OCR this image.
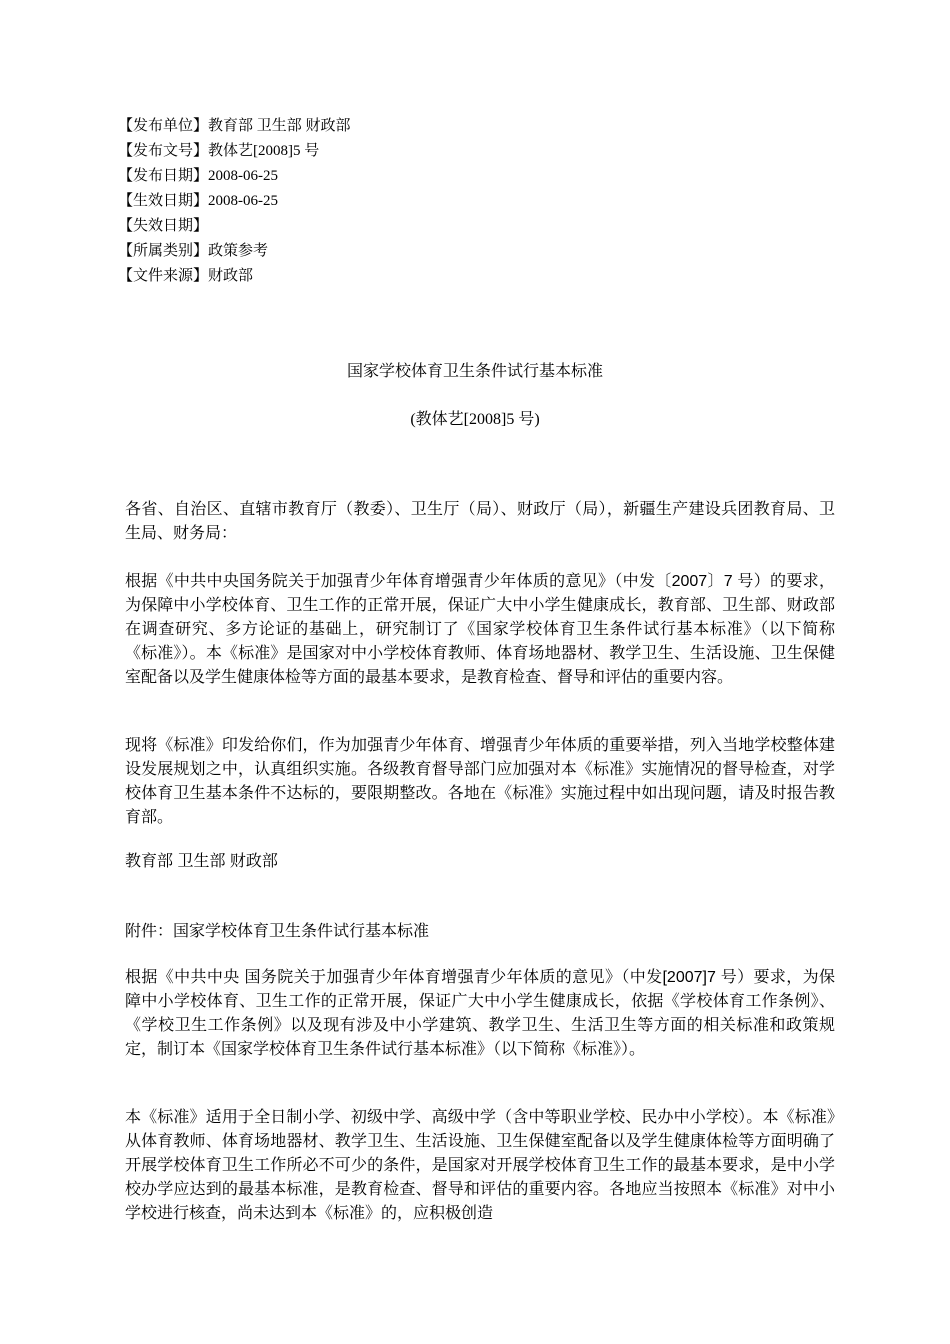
【发布单位】教育部 卫生部 财政部
【发布文号】教体艺[2008]5 号
【发布日期】2008-06-25
【生效日期】2008-06-25
【失效日期】
【所属类别】政策参考
【文件来源】财政部
国家学校体育卫生条件试行基本标准
(教体艺[2008]5 号)

各省、自治区、直辖市教育厅（教委）、卫生厅（局）、财政厅（局），新疆生产建设兵团教育局、卫生局、财务局：

根据《中共中央国务院关于加强青少年体育增强青少年体质的意见》（中发〔2007〕7 号）的要求，为保障中小学校体育、卫生工作的正常开展，保证广大中小学生健康成长，教育部、卫生部、财政部在调查研究、多方论证的基础上，研究制订了《国家学校体育卫生条件试行基本标准》（以下简称《标准》）。本《标准》是国家对中小学校体育教师、体育场地器材、教学卫生、生活设施、卫生保健室配备以及学生健康体检等方面的最基本要求，是教育检查、督导和评估的重要内容。

现将《标准》印发给你们，作为加强青少年体育、增强青少年体质的重要举措，列入当地学校整体建设发展规划之中，认真组织实施。各级教育督导部门应加强对本《标准》实施情况的督导检查，对学校体育卫生基本条件不达标的，要限期整改。各地在《标准》实施过程中如出现问题，请及时报告教育部。

教育部 卫生部 财政部

附件：国家学校体育卫生条件试行基本标准

根据《中共中央 国务院关于加强青少年体育增强青少年体质的意见》（中发[2007]7 号）要求，为保障中小学校体育、卫生工作的正常开展，保证广大中小学生健康成长，依据《学校体育工作条例》、《学校卫生工作条例》以及现有涉及中小学建筑、教学卫生、生活卫生等方面的相关标准和政策规定，制订本《国家学校体育卫生条件试行基本标准》（以下简称《标准》）。

本《标准》适用于全日制小学、初级中学、高级中学（含中等职业学校、民办中小学校）。本《标准》从体育教师、体育场地器材、教学卫生、生活设施、卫生保健室配备以及学生健康体检等方面明确了开展学校体育卫生工作所必不可少的条件，是国家对开展学校体育卫生工作的最基本要求，是中小学校办学应达到的最基本标准，是教育检查、督导和评估的重要内容。各地应当按照本《标准》对中小学校进行核查，尚未达到本《标准》的，应积极创造
